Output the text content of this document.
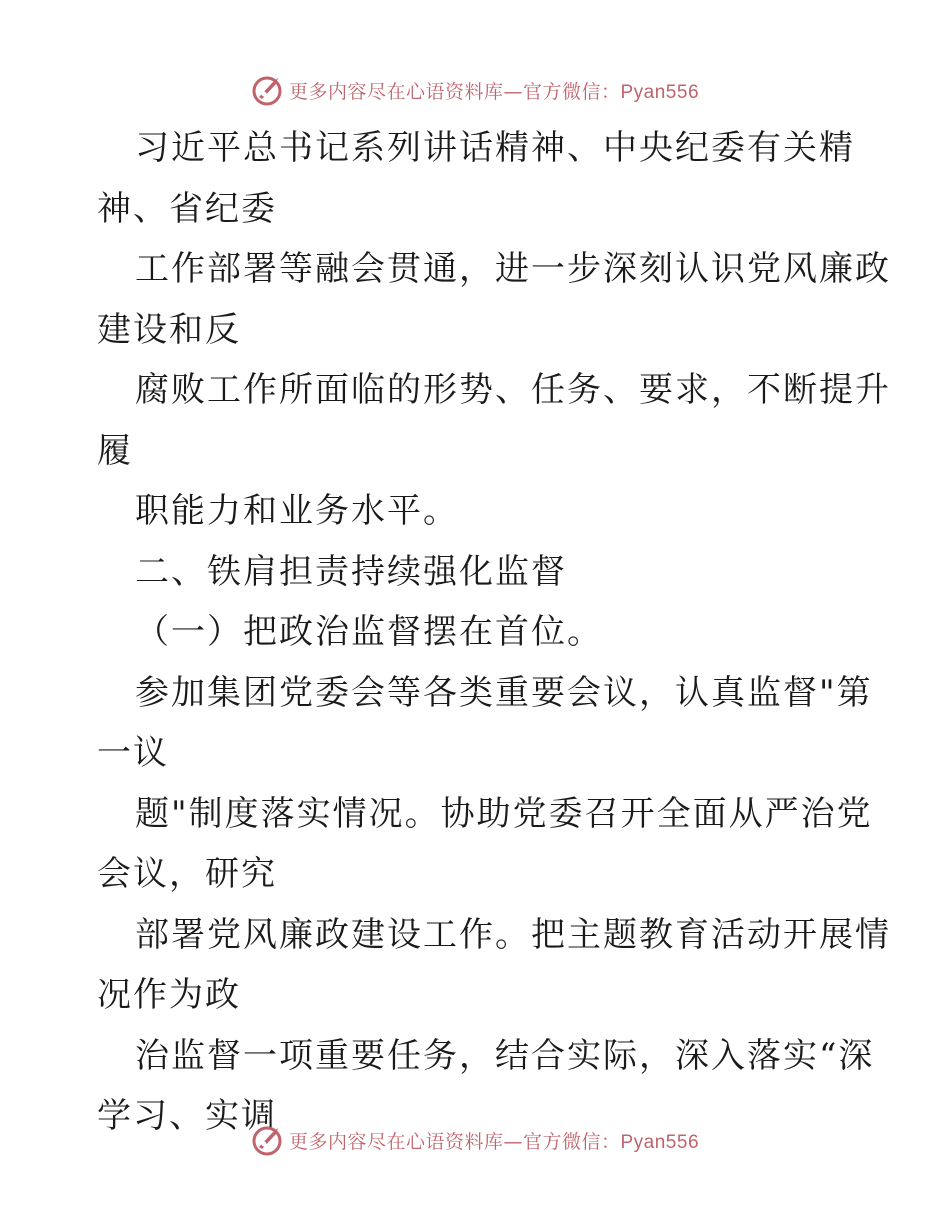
更多内容尽在心语资料库—官方微信：Pyan556
习近平总书记系列讲话精神、中央纪委有关精
神、省纪委
工作部署等融会贯通，进一步深刻认识党风廉政
建设和反
腐败工作所面临的形势、任务、要求，不断提升
履
职能力和业务水平。
二、铁肩担责持续强化监督
（一）把政治监督摆在首位。
参加集团党委会等各类重要会议，认真监督"第
一议
题"制度落实情况。协助党委召开全面从严治党
会议，研究
部署党风廉政建设工作。把主题教育活动开展情
况作为政
治监督一项重要任务，结合实际，深入落实“深
学习、实调
更多内容尽在心语资料库—官方微信：Pyan556
